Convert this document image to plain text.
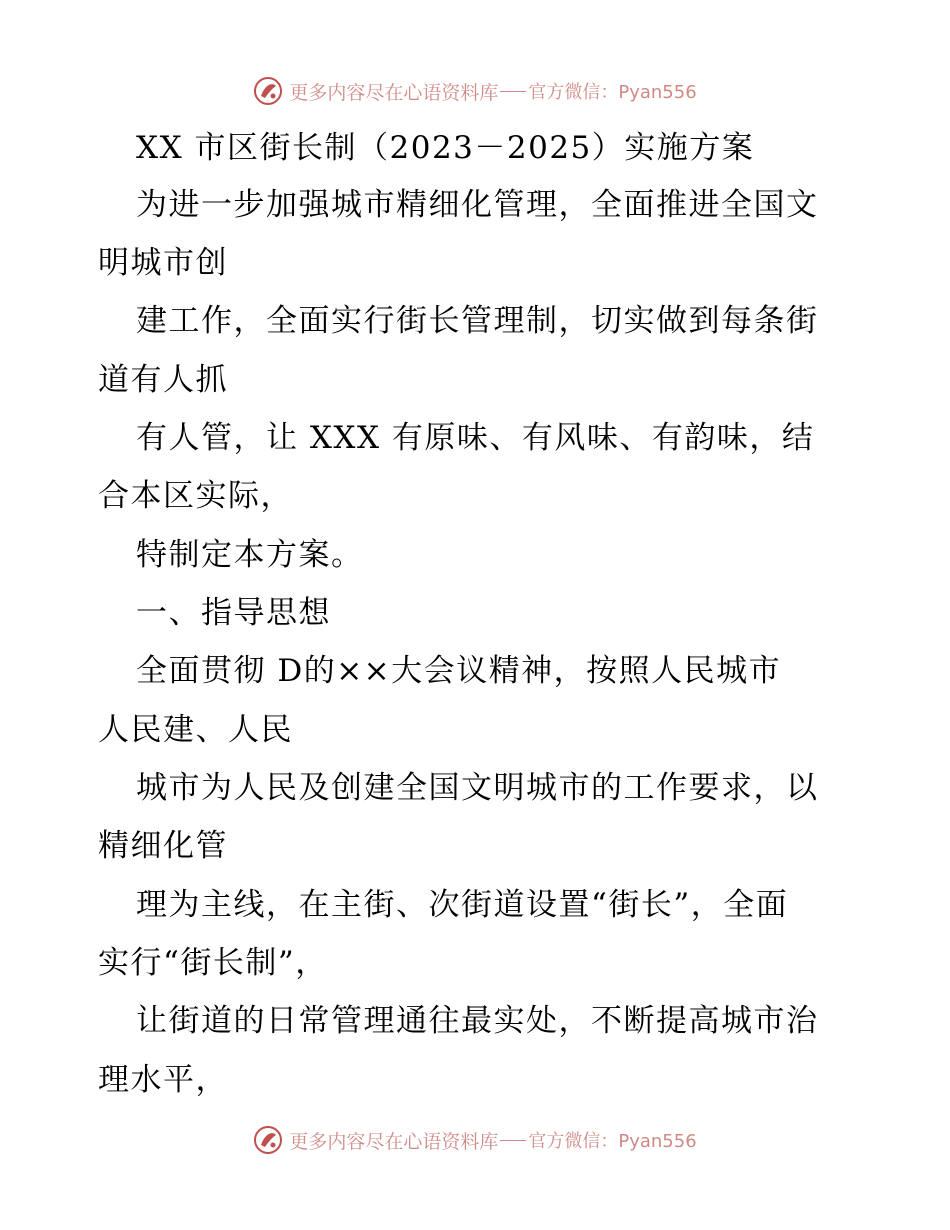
更多内容尽在心语资料库 官方微信：Pyan556
XX 市区街长制（2023－2025）实施方案
为进一步加强城市精细化管理，全面推进全国文
明城市创
建工作，全面实行街长管理制，切实做到每条街
道有人抓
有人管，让 XXX 有原味、有风味、有韵味，结
合本区实际，
特制定本方案。
一、指导思想
全面贯彻 D的××大会议精神，按照人民城市
人民建、人民
城市为人民及创建全国文明城市的工作要求，以
精细化管
理为主线，在主街、次街道设置“街长”，全面
实行“街长制”，
让街道的日常管理通往最实处，不断提高城市治
理水平，
更多内容尽在心语资料库 官方微信：Pyan556
